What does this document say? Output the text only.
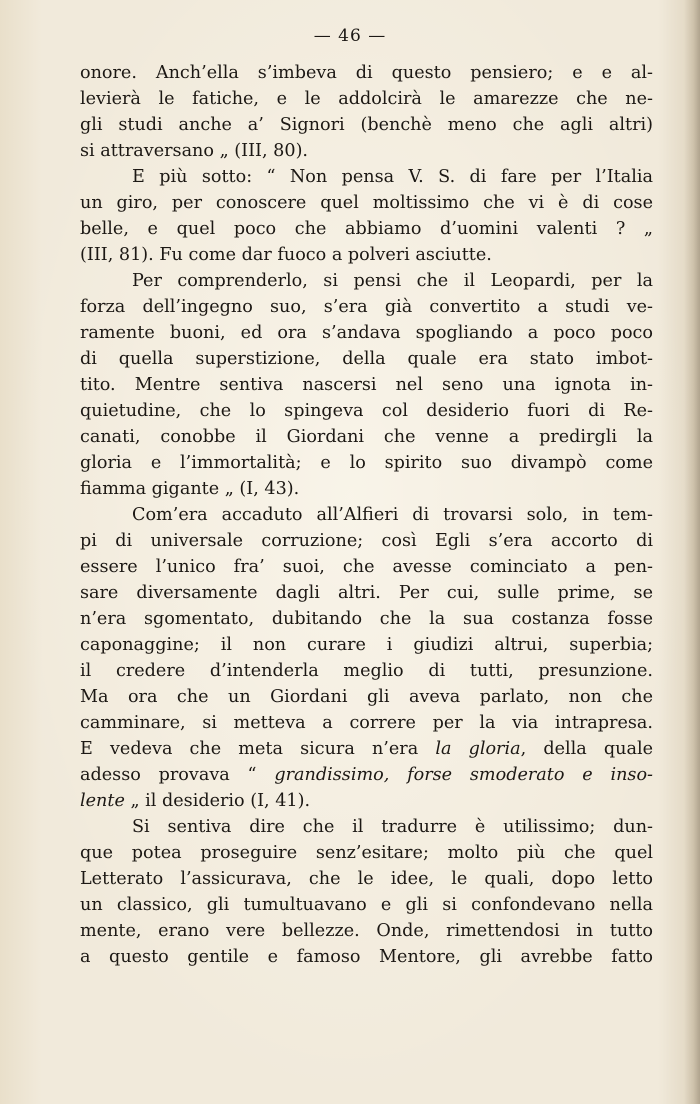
— 46 —
onore. Anch’ella s’imbeva di questo pensiero; e e al-
levierà le fatiche, e le addolcirà le amarezze che ne-
gli studi anche a’ Signori (benchè meno che agli altri)
si attraversano „ (III, 80).
E più sotto: “ Non pensa V. S. di fare per l’Italia
un giro, per conoscere quel moltissimo che vi è di cose
belle, e quel poco che abbiamo d’uomini valenti ? „
(III, 81). Fu come dar fuoco a polveri asciutte.
Per comprenderlo, si pensi che il Leopardi, per la
forza dell’ingegno suo, s’era già convertito a studi ve-
ramente buoni, ed ora s’andava spogliando a poco poco
di quella superstizione, della quale era stato imbot-
tito. Mentre sentiva nascersi nel seno una ignota in-
quietudine, che lo spingeva col desiderio fuori di Re-
canati, conobbe il Giordani che venne a predirgli la
gloria e l’immortalità; e lo spirito suo divampò come
fiamma gigante „ (I, 43).
Com’era accaduto all’Alfieri di trovarsi solo, in tem-
pi di universale corruzione; così Egli s’era accorto di
essere l’unico fra’ suoi, che avesse cominciato a pen-
sare diversamente dagli altri. Per cui, sulle prime, se
n’era sgomentato, dubitando che la sua costanza fosse
caponaggine; il non curare i giudizi altrui, superbia;
il credere d’intenderla meglio di tutti, presunzione.
Ma ora che un Giordani gli aveva parlato, non che
camminare, si metteva a correre per la via intrapresa.
E vedeva che meta sicura n’era la gloria, della quale
adesso provava “ grandissimo, forse smoderato e inso-
lente „ il desiderio (I, 41).
Si sentiva dire che il tradurre è utilissimo; dun-
que potea proseguire senz’esitare; molto più che quel
Letterato l’assicurava, che le idee, le quali, dopo letto
un classico, gli tumultuavano e gli si confondevano nella
mente, erano vere bellezze. Onde, rimettendosi in tutto
a questo gentile e famoso Mentore, gli avrebbe fatto
